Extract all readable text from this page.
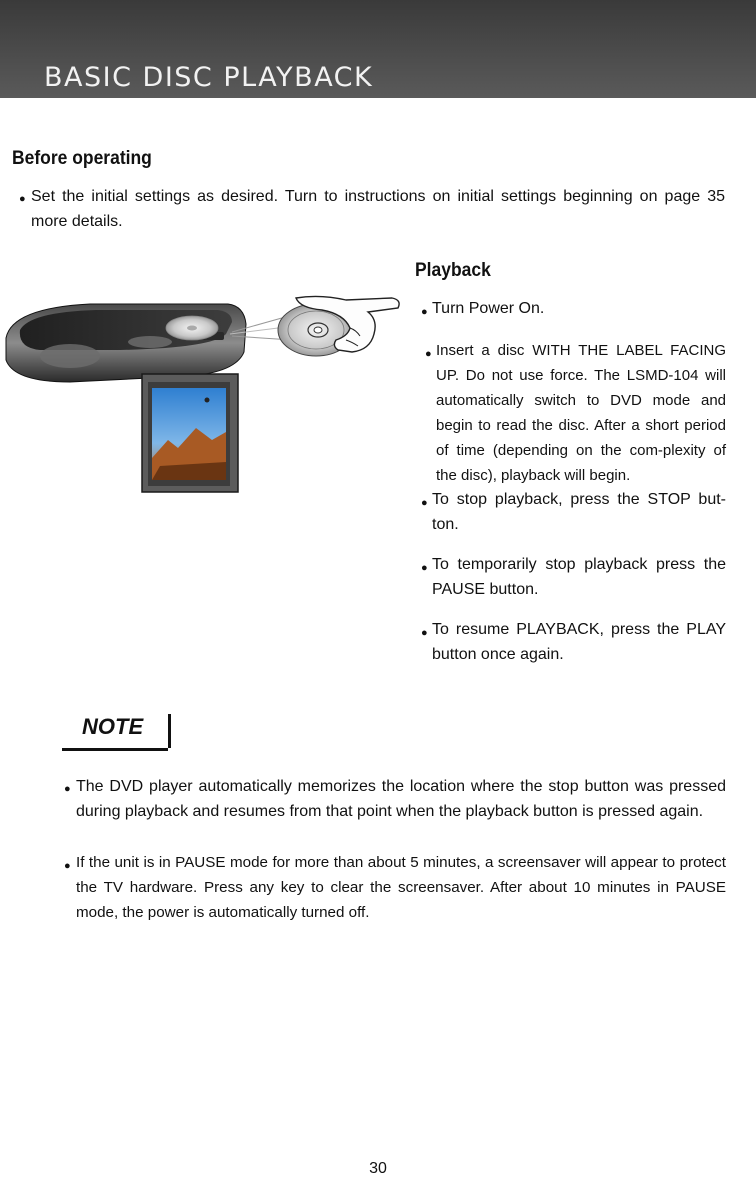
BASIC DISC PLAYBACK
Before operating
● Set the initial settings as desired. Turn to instructions on initial settings beginning on page 35 more details.
Playback
● Turn Power On.
● Insert a disc WITH THE LABEL FACING UP. Do not use force. The LSMD-104 will automatically switch to DVD mode and begin to read the disc. After a short period of time (depending on the com-plexity of the disc), playback will begin.
● To stop playback, press the STOP but-ton.
● To temporarily stop playback press the PAUSE button.
● To resume PLAYBACK, press the PLAY button once again.
NOTE
● The DVD player automatically memorizes the location where the stop button was pressed during playback and resumes from that point when the playback button is pressed again.
● If the unit is in PAUSE mode for more than about 5 minutes, a screensaver will appear to protect the TV hardware. Press any key to clear the screensaver. After about 10 minutes in PAUSE mode, the power is automatically turned off.
30
